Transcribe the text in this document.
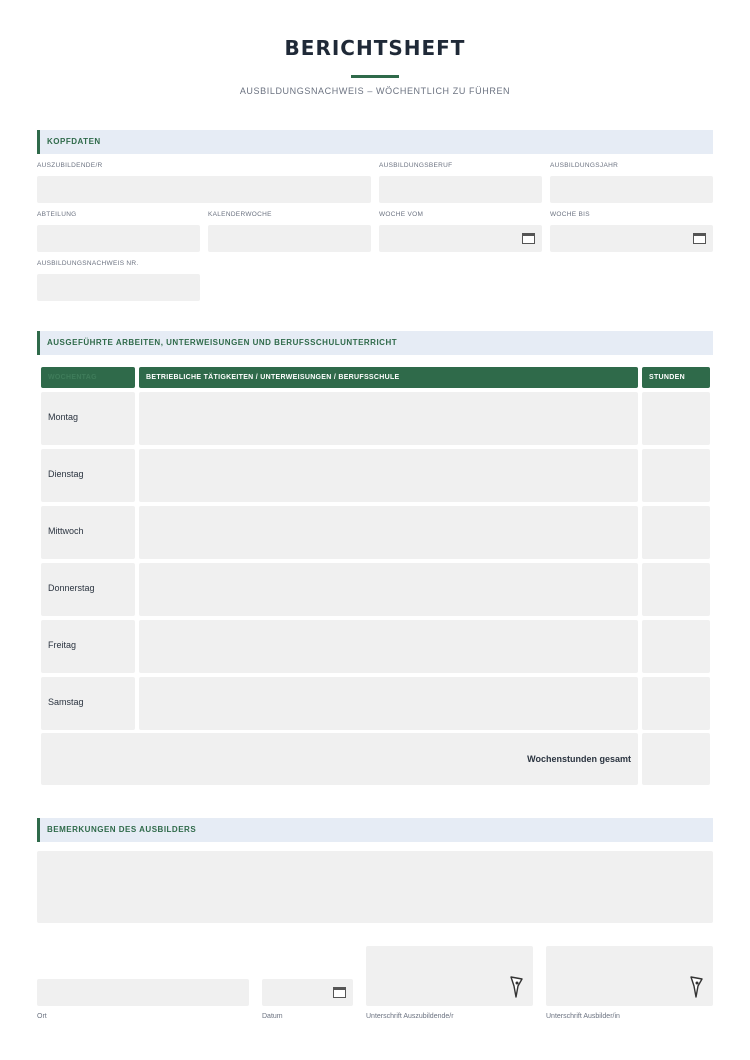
BERICHTSHEFT
AUSBILDUNGSNACHWEIS – WÖCHENTLICH ZU FÜHREN
KOPFDATEN
AUSZUBILDENDE/R	AUSBILDUNGSBERUF	AUSBILDUNGSJAHR
ABTEILUNG	KALENDERWOCHE	WOCHE VOM	WOCHE BIS
AUSBILDUNGSNACHWEIS NR.
AUSGEFÜHRTE ARBEITEN, UNTERWEISUNGEN UND BERUFSSCHULUNTERRICHT
WOCHENTAG	BETRIEBLICHE TÄTIGKEITEN / UNTERWEISUNGEN / BERUFSSCHULE	STUNDEN
Montag
Dienstag
Mittwoch
Donnerstag
Freitag
Samstag
Wochenstunden gesamt
BEMERKUNGEN DES AUSBILDERS
Ort	Datum	Unterschrift Auszubildende/r	Unterschrift Ausbilder/in
